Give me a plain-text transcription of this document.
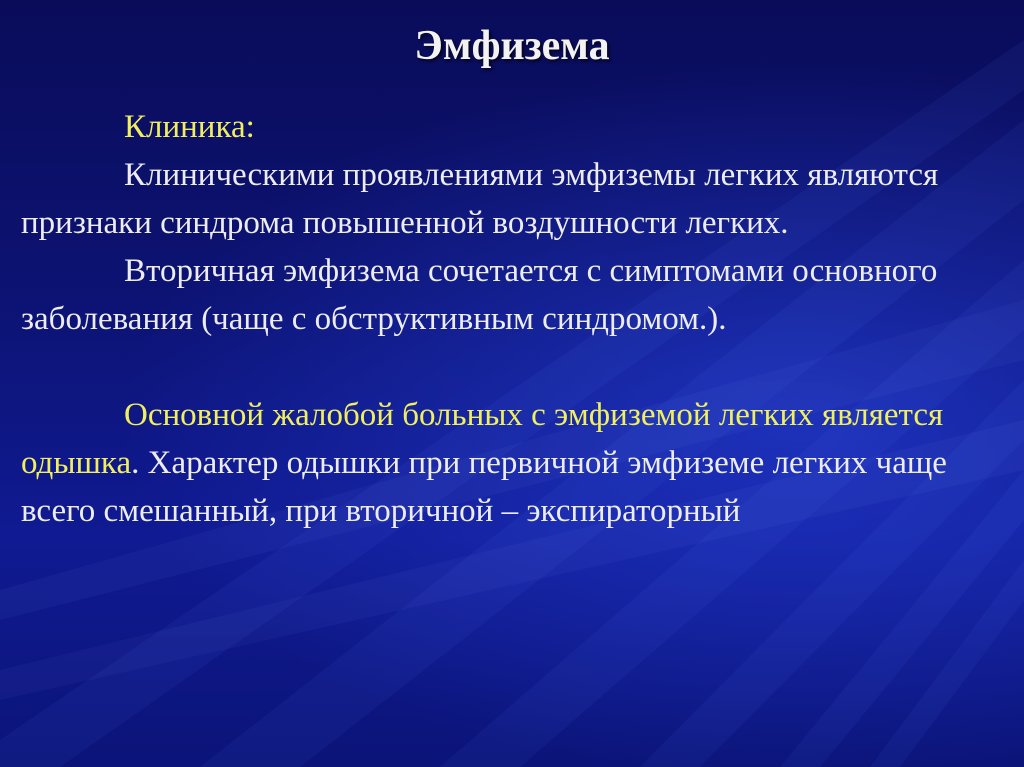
Эмфизема

Клиника:

Клиническими проявлениями эмфиземы легких являются признаки синдрома повышенной воздушности легких.

Вторичная эмфизема сочетается с симптомами основного заболевания (чаще с обструктивным синдромом.).

Основной жалобой больных с эмфиземой легких является одышка. Характер одышки при первичной эмфиземе легких чаще всего смешанный, при вторичной – экспираторный
